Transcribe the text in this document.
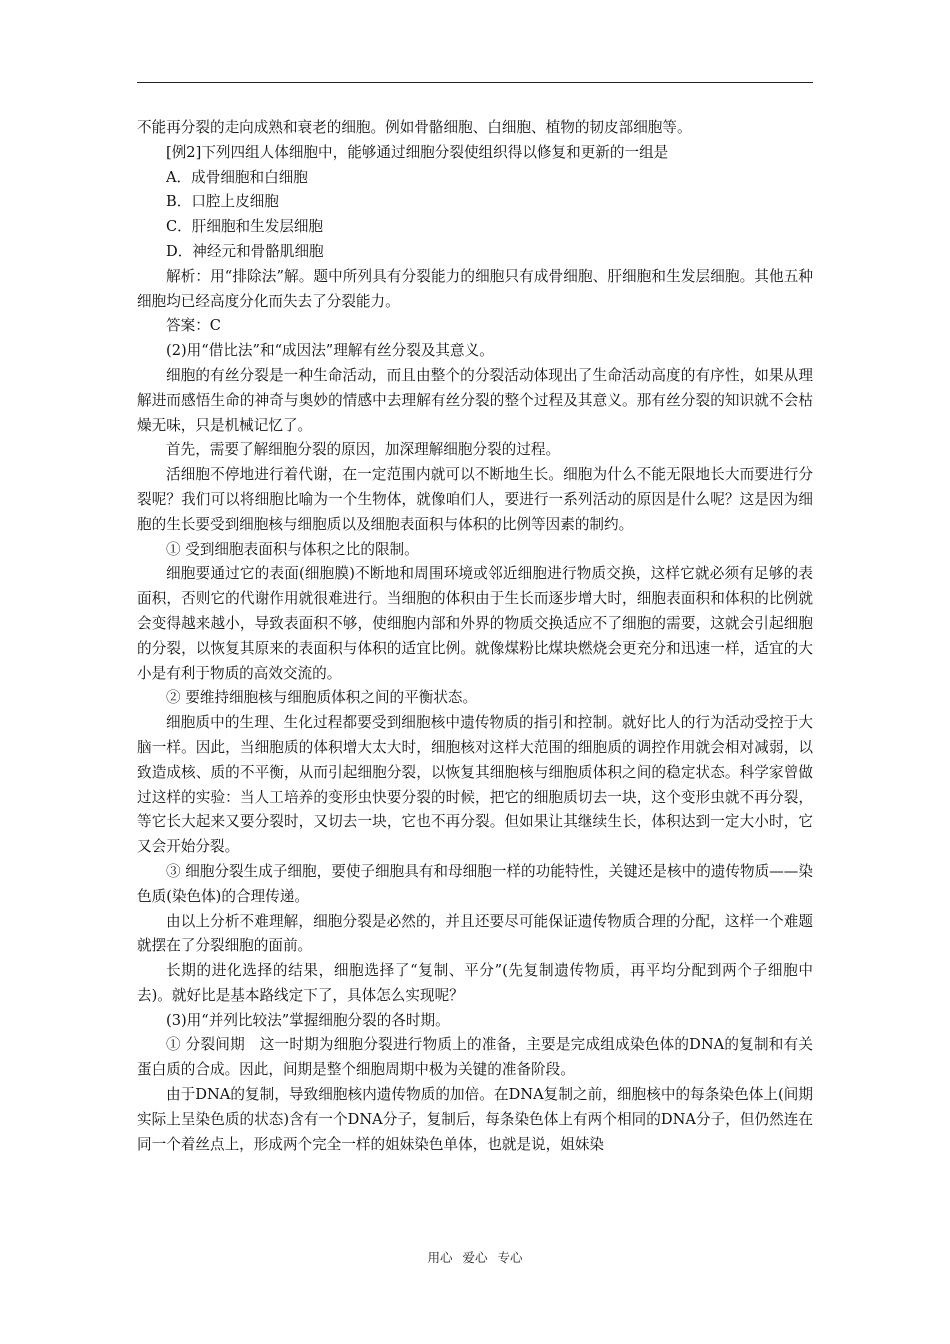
不能再分裂的走向成熟和衰老的细胞。例如骨骼细胞、白细胞、植物的韧皮部细胞等。

[例2]下列四组人体细胞中，能够通过细胞分裂使组织得以修复和更新的一组是

A．成骨细胞和白细胞

B．口腔上皮细胞

C．肝细胞和生发层细胞

D．神经元和骨骼肌细胞

解析：用“排除法”解。题中所列具有分裂能力的细胞只有成骨细胞、肝细胞和生发层细胞。其他五种细胞均已经高度分化而失去了分裂能力。

答案：C

(2)用“借比法”和“成因法”理解有丝分裂及其意义。

细胞的有丝分裂是一种生命活动，而且由整个的分裂活动体现出了生命活动高度的有序性，如果从理解进而感悟生命的神奇与奥妙的情感中去理解有丝分裂的整个过程及其意义。那有丝分裂的知识就不会枯燥无味，只是机械记忆了。

首先，需要了解细胞分裂的原因，加深理解细胞分裂的过程。

活细胞不停地进行着代谢，在一定范围内就可以不断地生长。细胞为什么不能无限地长大而要进行分裂呢？我们可以将细胞比喻为一个生物体，就像咱们人，要进行一系列活动的原因是什么呢？这是因为细胞的生长要受到细胞核与细胞质以及细胞表面积与体积的比例等因素的制约。

① 受到细胞表面积与体积之比的限制。

细胞要通过它的表面(细胞膜)不断地和周围环境或邻近细胞进行物质交换，这样它就必须有足够的表面积，否则它的代谢作用就很难进行。当细胞的体积由于生长而逐步增大时，细胞表面积和体积的比例就会变得越来越小，导致表面积不够，使细胞内部和外界的物质交换适应不了细胞的需要，这就会引起细胞的分裂，以恢复其原来的表面积与体积的适宜比例。就像煤粉比煤块燃烧会更充分和迅速一样，适宜的大小是有利于物质的高效交流的。

② 要维持细胞核与细胞质体积之间的平衡状态。

细胞质中的生理、生化过程都要受到细胞核中遗传物质的指引和控制。就好比人的行为活动受控于大脑一样。因此，当细胞质的体积增大太大时，细胞核对这样大范围的细胞质的调控作用就会相对减弱，以致造成核、质的不平衡，从而引起细胞分裂，以恢复其细胞核与细胞质体积之间的稳定状态。科学家曾做过这样的实验：当人工培养的变形虫快要分裂的时候，把它的细胞质切去一块，这个变形虫就不再分裂，等它长大起来又要分裂时，又切去一块，它也不再分裂。但如果让其继续生长，体积达到一定大小时，它又会开始分裂。

③ 细胞分裂生成子细胞，要使子细胞具有和母细胞一样的功能特性，关键还是核中的遗传物质——染色质(染色体)的合理传递。

由以上分析不难理解，细胞分裂是必然的，并且还要尽可能保证遗传物质合理的分配，这样一个难题就摆在了分裂细胞的面前。

长期的进化选择的结果，细胞选择了“复制、平分”(先复制遗传物质，再平均分配到两个子细胞中去)。就好比是基本路线定下了，具体怎么实现呢？

(3)用“并列比较法”掌握细胞分裂的各时期。

① 分裂间期　这一时期为细胞分裂进行物质上的准备，主要是完成组成染色体的DNA的复制和有关蛋白质的合成。因此，间期是整个细胞周期中极为关键的准备阶段。

由于DNA的复制，导致细胞核内遗传物质的加倍。在DNA复制之前，细胞核中的每条染色体上(间期实际上呈染色质的状态)含有一个DNA分子，复制后，每条染色体上有两个相同的DNA分子，但仍然连在同一个着丝点上，形成两个完全一样的姐妹染色单体，也就是说，姐妹染

用心 爱心 专心
